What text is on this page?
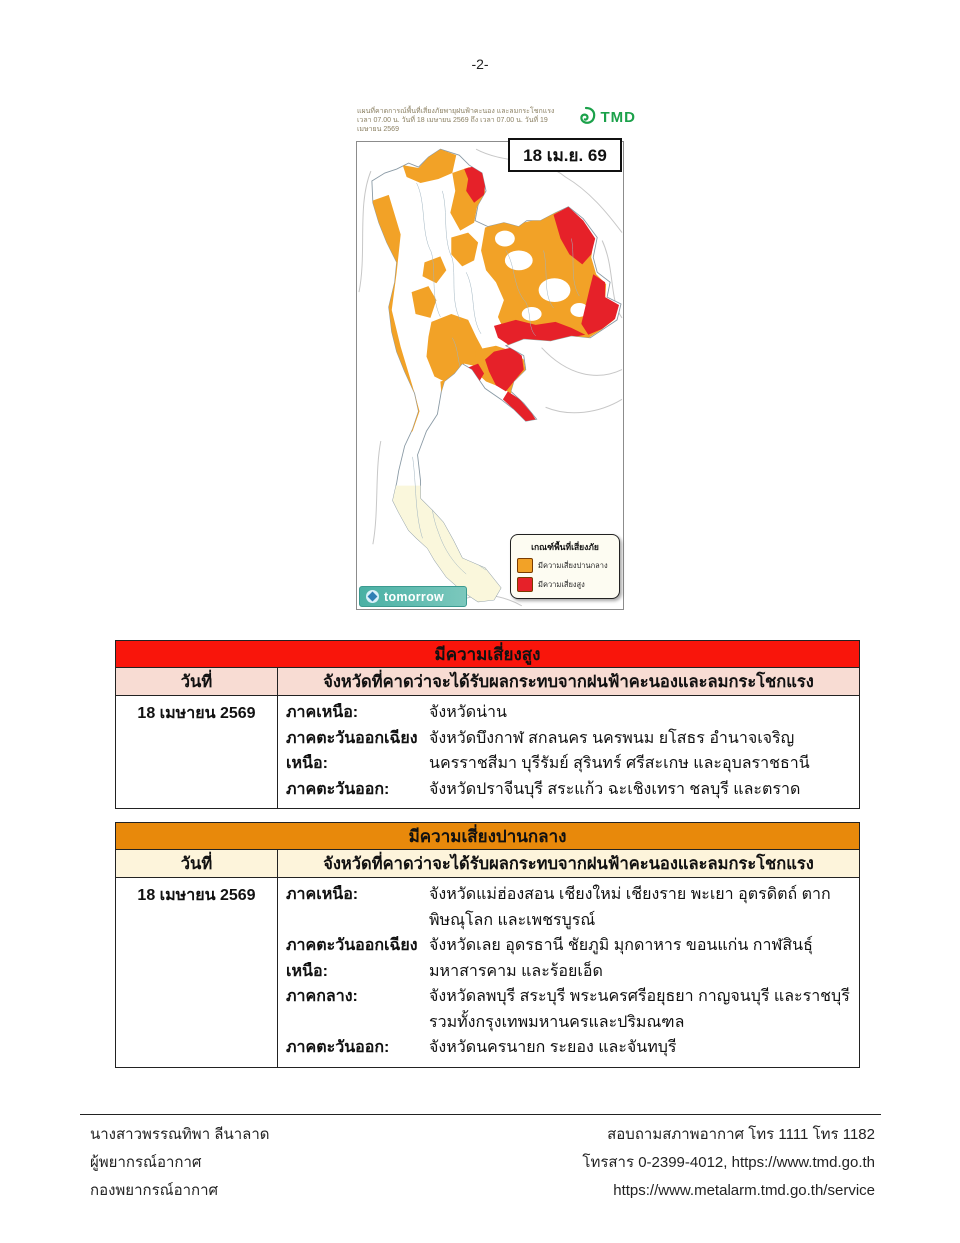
-2-
แผนที่คาดการณ์พื้นที่เสี่ยงภัยพายุฝนฟ้าคะนอง และลมกระโชกแรง
เวลา 07.00 น. วันที่ 18 เมษายน 2569 ถึง เวลา 07.00 น. วันที่ 19 เมษายน 2569
TMD
18 เม.ย. 69
เกณฑ์พื้นที่เสี่ยงภัย
มีความเสี่ยงปานกลาง
มีความเสี่ยงสูง
tomorrow
มีความเสี่ยงสูง
วันที่	จังหวัดที่คาดว่าจะได้รับผลกระทบจากฝนฟ้าคะนองและลมกระโชกแรง
18 เมษายน 2569	ภาคเหนือ:	จังหวัดน่าน
ภาคตะวันออกเฉียงเหนือ:
จังหวัดบึงกาฬ สกลนคร นครพนม ยโสธร อำนาจเจริญ นครราชสีมา บุรีรัมย์ สุรินทร์ ศรีสะเกษ และอุบลราชธานี
ภาคตะวันออก:	จังหวัดปราจีนบุรี สระแก้ว ฉะเชิงเทรา ชลบุรี และตราด
มีความเสี่ยงปานกลาง
วันที่	จังหวัดที่คาดว่าจะได้รับผลกระทบจากฝนฟ้าคะนองและลมกระโชกแรง
18 เมษายน 2569	ภาคเหนือ:	จังหวัดแม่ฮ่องสอน เชียงใหม่ เชียงราย พะเยา อุตรดิตถ์ ตาก พิษณุโลก และเพชรบูรณ์
ภาคตะวันออกเฉียงเหนือ:
จังหวัดเลย อุดรธานี ชัยภูมิ มุกดาหาร ขอนแก่น กาฬสินธุ์ มหาสารคาม และร้อยเอ็ด
ภาคกลาง:	จังหวัดลพบุรี สระบุรี พระนครศรีอยุธยา กาญจนบุรี และราชบุรี รวมทั้งกรุงเทพมหานครและปริมณฑล
ภาคตะวันออก:	จังหวัดนครนายก ระยอง และจันทบุรี
นางสาวพรรณทิพา ลีนาลาด
ผู้พยากรณ์อากาศ
กองพยากรณ์อากาศ
สอบถามสภาพอากาศ โทร 1111 โทร 1182
โทรสาร 0-2399-4012, https://www.tmd.go.th
https://www.metalarm.tmd.go.th/service
